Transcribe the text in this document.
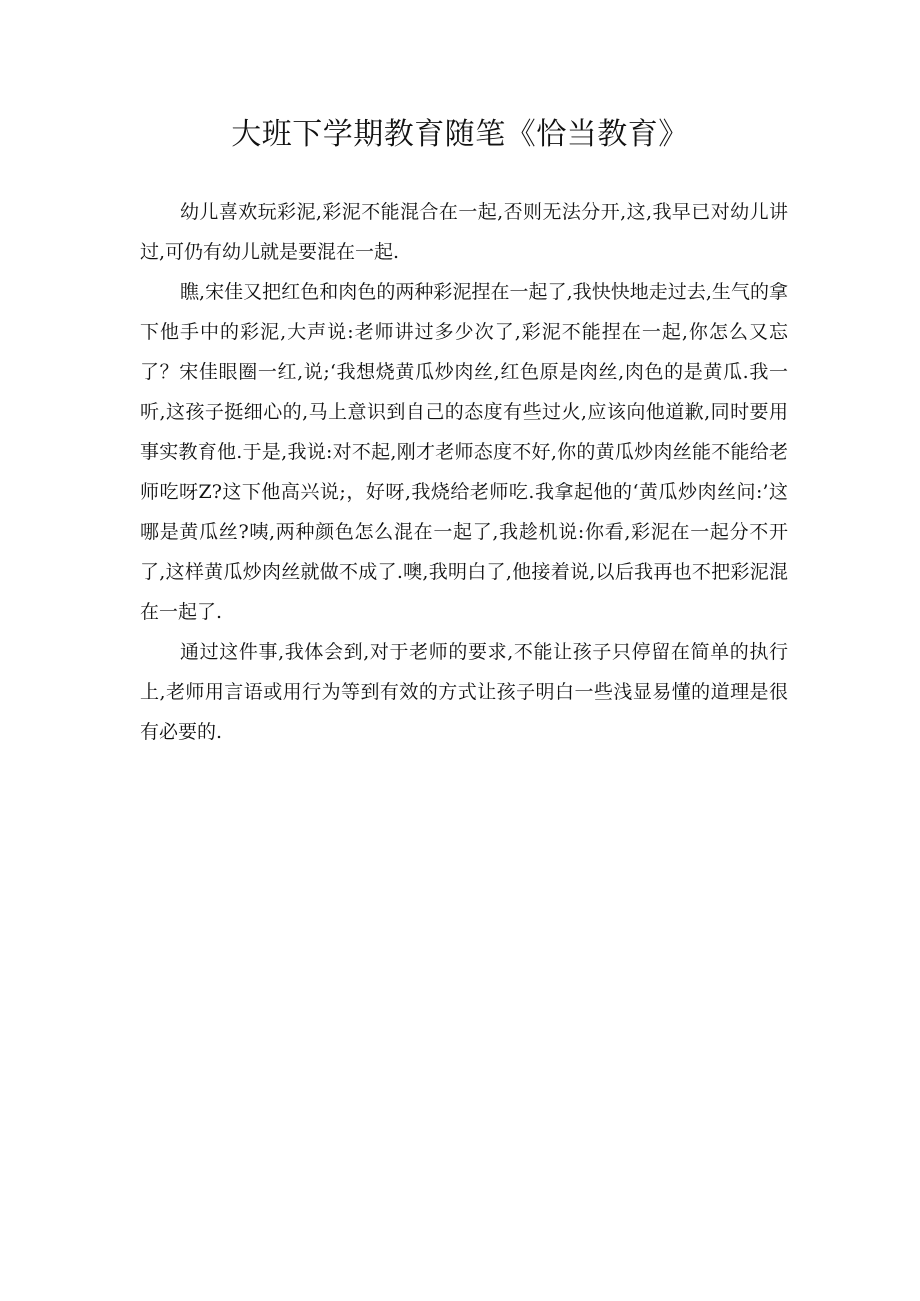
大班下学期教育随笔《恰当教育》

幼儿喜欢玩彩泥,彩泥不能混合在一起,否则无法分开,这,我早已对幼儿讲过,可仍有幼儿就是要混在一起.

瞧,宋佳又把红色和肉色的两种彩泥捏在一起了,我快快地走过去,生气的拿下他手中的彩泥,大声说:老师讲过多少次了,彩泥不能捏在一起,你怎么又忘了？宋佳眼圈一红,说;‘我想烧黄瓜炒肉丝,红色原是肉丝,肉色的是黄瓜.我一听,这孩子挺细心的,马上意识到自己的态度有些过火,应该向他道歉,同时要用事实教育他.于是,我说:对不起,刚才老师态度不好,你的黄瓜炒肉丝能不能给老师吃呀Z?这下他高兴说;，好呀,我烧给老师吃.我拿起他的‘黄瓜炒肉丝问:’这哪是黄瓜丝?咦,两种颜色怎么混在一起了,我趁机说:你看,彩泥在一起分不开了,这样黄瓜炒肉丝就做不成了.噢,我明白了,他接着说,以后我再也不把彩泥混在一起了.

通过这件事,我体会到,对于老师的要求,不能让孩子只停留在简单的执行上,老师用言语或用行为等到有效的方式让孩子明白一些浅显易懂的道理是很有必要的.
